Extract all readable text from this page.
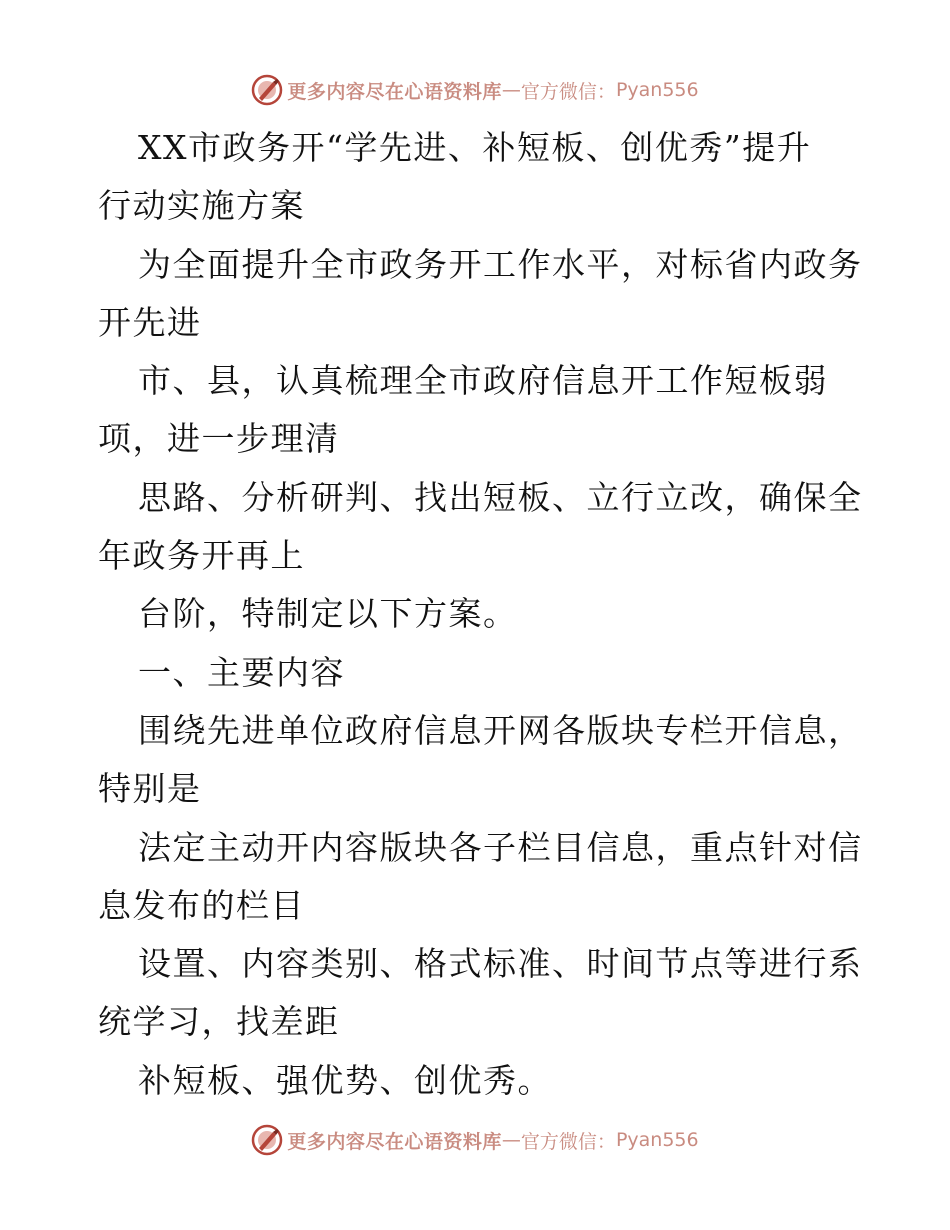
更多内容尽在心语资料库 — 官方微信： Pyan556
XX市政务开“学先进、补短板、创优秀”提升
行动实施方案
为全面提升全市政务开工作水平，对标省内政务
开先进
市、县，认真梳理全市政府信息开工作短板弱
项，进一步理清
思路、分析研判、找出短板、立行立改，确保全
年政务开再上
台阶，特制定以下方案。
一、主要内容
围绕先进单位政府信息开网各版块专栏开信息，
特别是
法定主动开内容版块各子栏目信息，重点针对信
息发布的栏目
设置、内容类别、格式标准、时间节点等进行系
统学习，找差距
补短板、强优势、创优秀。
更多内容尽在心语资料库 — 官方微信： Pyan556
